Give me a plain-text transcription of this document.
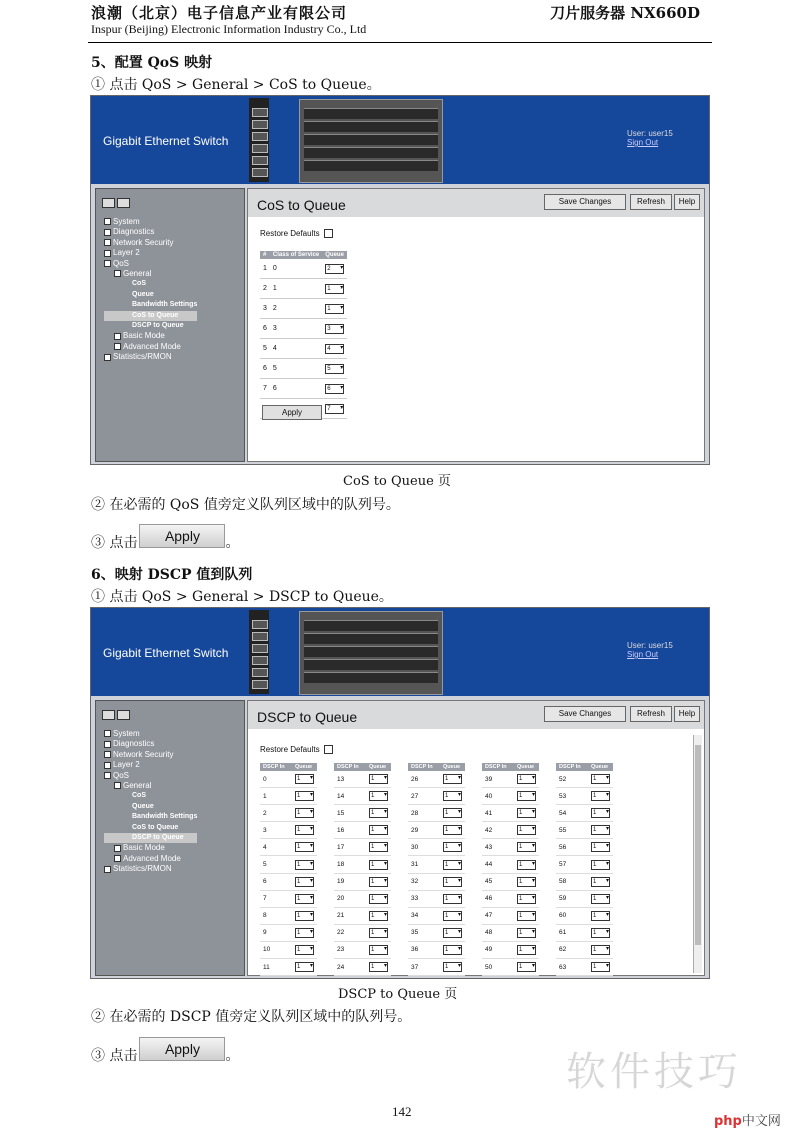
浪潮（北京）电子信息产业有限公司	刀片服务器 NX660D
Inspur (Beijing) Electronic Information Industry Co., Ltd
5、配置 QoS 映射
① 点击 QoS > General > CoS to Queue。
Gigabit Ethernet Switch
User: user15
Sign Out
System
Diagnostics
Network Security
Layer 2
QoS
General
CoS
Queue
Bandwidth Settings
CoS to Queue
DSCP to Queue
Basic Mode
Advanced Mode
Statistics/RMON
CoS to Queue	Save Changes	Refresh	Help
Restore Defaults
#	Class of Service	Queue
1	0	2 ▾
2	1	1 ▾
3	2	1 ▾
6	3	3 ▾
5	4	4 ▾
6	5	5 ▾
7	6	6 ▾
		7 ▾
Apply
CoS to Queue 页
② 在必需的 QoS 值旁定义队列区域中的队列号。
③ 点击 Apply 。
6、映射 DSCP 值到队列
① 点击 QoS > General > DSCP to Queue。
Gigabit Ethernet Switch
User: user15
Sign Out
System
Diagnostics
Network Security
Layer 2
QoS
General
CoS
Queue
Bandwidth Settings
CoS to Queue
DSCP to Queue
Basic Mode
Advanced Mode
Statistics/RMON
DSCP to Queue	Save Changes	Refresh	Help
Restore Defaults
DSCP In	Queue
0	1 ▾
1	1 ▾
2	1 ▾
3	1 ▾
4	1 ▾
5	1 ▾
6	1 ▾
7	1 ▾
8	1 ▾
9	1 ▾
10	1 ▾
11	1 ▾
DSCP In	Queue
13	1 ▾
14	1 ▾
15	1 ▾
16	1 ▾
17	1 ▾
18	1 ▾
19	1 ▾
20	1 ▾
21	1 ▾
22	1 ▾
23	1 ▾
24	1 ▾
DSCP In	Queue
26	1 ▾
27	1 ▾
28	1 ▾
29	1 ▾
30	1 ▾
31	1 ▾
32	1 ▾
33	1 ▾
34	1 ▾
35	1 ▾
36	1 ▾
37	1 ▾
DSCP In	Queue
39	1 ▾
40	1 ▾
41	1 ▾
42	1 ▾
43	1 ▾
44	1 ▾
45	1 ▾
46	1 ▾
47	1 ▾
48	1 ▾
49	1 ▾
50	1 ▾
DSCP In	Queue
52	1 ▾
53	1 ▾
54	1 ▾
55	1 ▾
56	1 ▾
57	1 ▾
58	1 ▾
59	1 ▾
60	1 ▾
61	1 ▾
62	1 ▾
63	1 ▾
DSCP to Queue 页
② 在必需的 DSCP 值旁定义队列区域中的队列号。
③ 点击 Apply 。
142
软件技巧
php中文网
